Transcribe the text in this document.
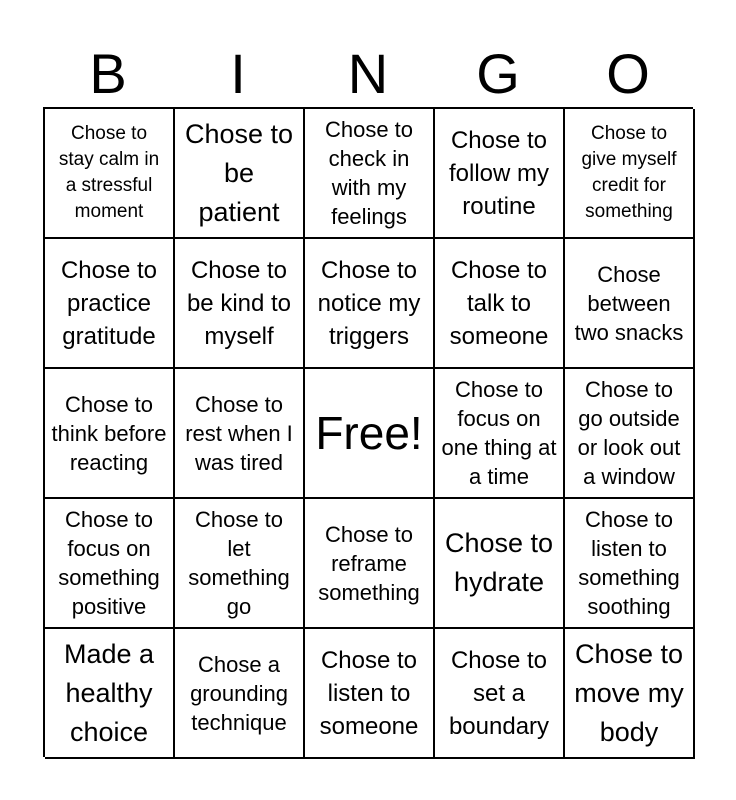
B	I	N	G	O
Chose to stay calm in a stressful moment
Chose to be patient
Chose to check in with my feelings
Chose to follow my routine
Chose to give myself credit for something
Chose to practice gratitude
Chose to be kind to myself
Chose to notice my triggers
Chose to talk to someone
Chose between two snacks
Chose to think before reacting
Chose to rest when I was tired
Free!
Chose to focus on one thing at a time
Chose to go outside or look out a window
Chose to focus on something positive
Chose to let something go
Chose to reframe something
Chose to hydrate
Chose to listen to something soothing
Made a healthy choice
Chose a grounding technique
Chose to listen to someone
Chose to set a boundary
Chose to move my body
